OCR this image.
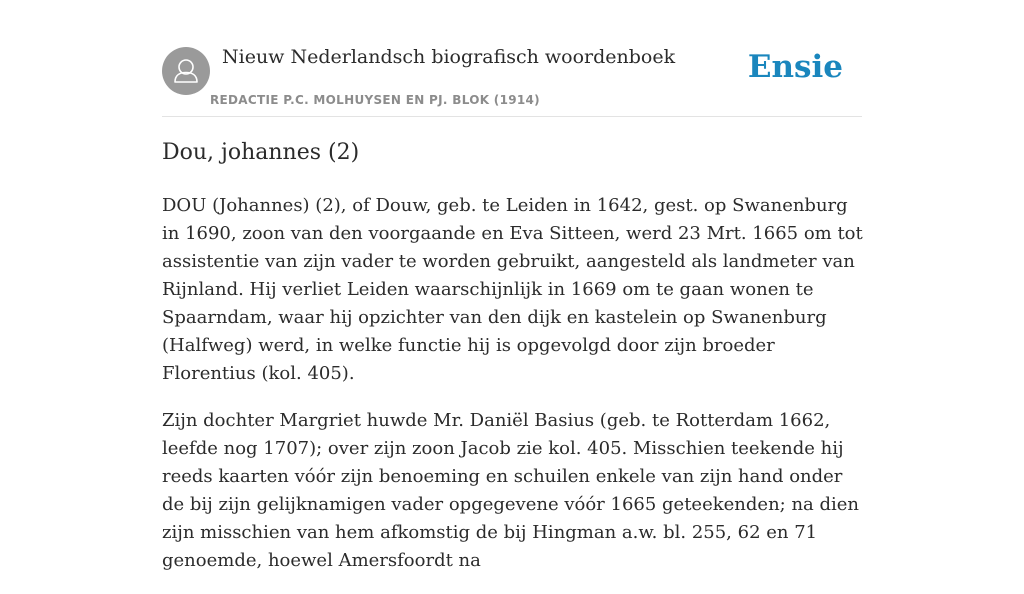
Nieuw Nederlandsch biografisch woordenboek
REDACTIE P.C. MOLHUYSEN EN PJ. BLOK (1914)
Ensie
Dou, johannes (2)

DOU (Johannes) (2), of Douw, geb. te Leiden in 1642, gest. op Swanenburg in 1690, zoon van den voorgaande en Eva Sitteen, werd 23 Mrt. 1665 om tot assistentie van zijn vader te worden gebruikt, aangesteld als landmeter van Rijnland. Hij verliet Leiden waarschijnlijk in 1669 om te gaan wonen te Spaarndam, waar hij opzichter van den dijk en kastelein op Swanenburg (Halfweg) werd, in welke functie hij is opgevolgd door zijn broeder Florentius (kol. 405).

Zijn dochter Margriet huwde Mr. Daniël Basius (geb. te Rotterdam 1662, leefde nog 1707); over zijn zoon Jacob zie kol. 405. Misschien teekende hij reeds kaarten vóór zijn benoeming en schuilen enkele van zijn hand onder de bij zijn gelijknamigen vader opgegevene vóór 1665 geteekenden; na dien zijn misschien van hem afkomstig de bij Hingman a.w. bl. 255, 62 en 71 genoemde, hoewel Amersfoordt na
